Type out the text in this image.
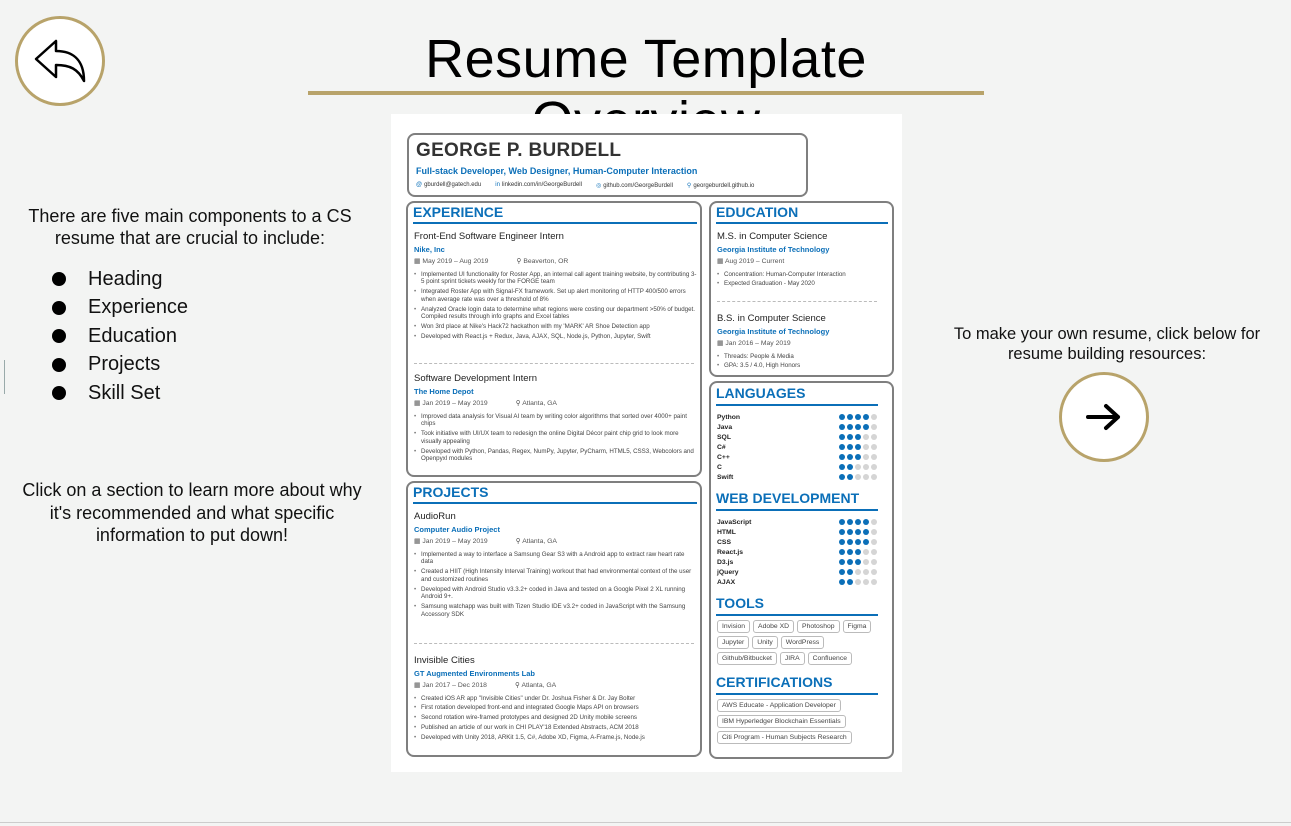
Resume Template

There are five main components to a CS resume that are crucial to include:

Heading
Experience
Education
Projects
Skill Set

Click on a section to learn more about why it's recommended and what specific information to put down!

To make your own resume, click below for resume building resources:

GEORGE P. BURDELL
Full-stack Developer, Web Designer, Human-Computer Interaction
@ gburdell@gatech.edu in linkedin.com/in/GeorgeBurdell ◎ github.com/GeorgeBurdell ⚲ georgeburdell.github.io
EXPERIENCE
Front-End Software Engineer Intern
Nike, Inc
▦ May 2019 – Aug 2019	⚲ Beaverton, OR
• Implemented UI functionality for Roster App, an internal call agent training website, by contributing 3-5 point sprint tickets weekly for the FORGE team
• Integrated Roster App with Signal-FX framework. Set up alert monitoring of HTTP 400/500 errors when average rate was over a threshold of 8%
• Analyzed Oracle login data to determine what regions were costing our department >50% of budget. Compiled results through info graphs and Excel tables
• Won 3rd place at Nike's Hack72 hackathon with my 'MARK' AR Shoe Detection app
• Developed with React.js + Redux, Java, AJAX, SQL, Node.js, Python, Jupyter, Swift
Software Development Intern
The Home Depot
▦ Jan 2019 – May 2019	⚲ Atlanta, GA
• Improved data analysis for Visual AI team by writing color algorithms that sorted over 4000+ paint chips
• Took initiative with UI/UX team to redesign the online Digital Décor paint chip grid to look more visually appealing
• Developed with Python, Pandas, Regex, NumPy, Jupyter, PyCharm, HTML5, CSS3, Webcolors and Openpyxl modules
PROJECTS
AudioRun
Computer Audio Project
▦ Jan 2019 – May 2019	⚲ Atlanta, GA
• Implemented a way to interface a Samsung Gear S3 with a Android app to extract raw heart rate data
• Created a HIIT (High Intensity Interval Training) workout that had environmental context of the user and customized routines
• Developed with Android Studio v3.3.2+ coded in Java and tested on a Google Pixel 2 XL running Android 9+.
• Samsung watchapp was built with Tizen Studio IDE v3.2+ coded in JavaScript with the Samsung Accessory SDK
Invisible Cities
GT Augmented Environments Lab
▦ Jan 2017 – Dec 2018	⚲ Atlanta, GA
• Created iOS AR app "Invisible Cities" under Dr. Joshua Fisher & Dr. Jay Bolter
• First rotation developed front-end and integrated Google Maps API on browsers
• Second rotation wire-framed prototypes and designed 2D Unity mobile screens
• Published an article of our work in CHI PLAY'18 Extended Abstracts, ACM 2018
• Developed with Unity 2018, ARKit 1.5, C#, Adobe XD, Figma, A-Frame.js, Node.js
EDUCATION
M.S. in Computer Science
Georgia Institute of Technology
▦ Aug 2019 – Current
• Concentration: Human-Computer Interaction
• Expected Graduation - May 2020
B.S. in Computer Science
Georgia Institute of Technology
▦ Jan 2016 – May 2019
• Threads: People & Media
• GPA: 3.5 / 4.0, High Honors
LANGUAGES
Python
Java
SQL
C#
C++
C
Swift
WEB DEVELOPMENT
JavaScript
HTML
CSS
React.js
D3.js
jQuery
AJAX
TOOLS
Invision	Adobe XD	Photoshop	Figma
Jupyter	Unity	WordPress
Github/Bitbucket	JIRA	Confluence
CERTIFICATIONS
AWS Educate - Application Developer
IBM Hyperledger Blockchain Essentials
Citi Program - Human Subjects Research
